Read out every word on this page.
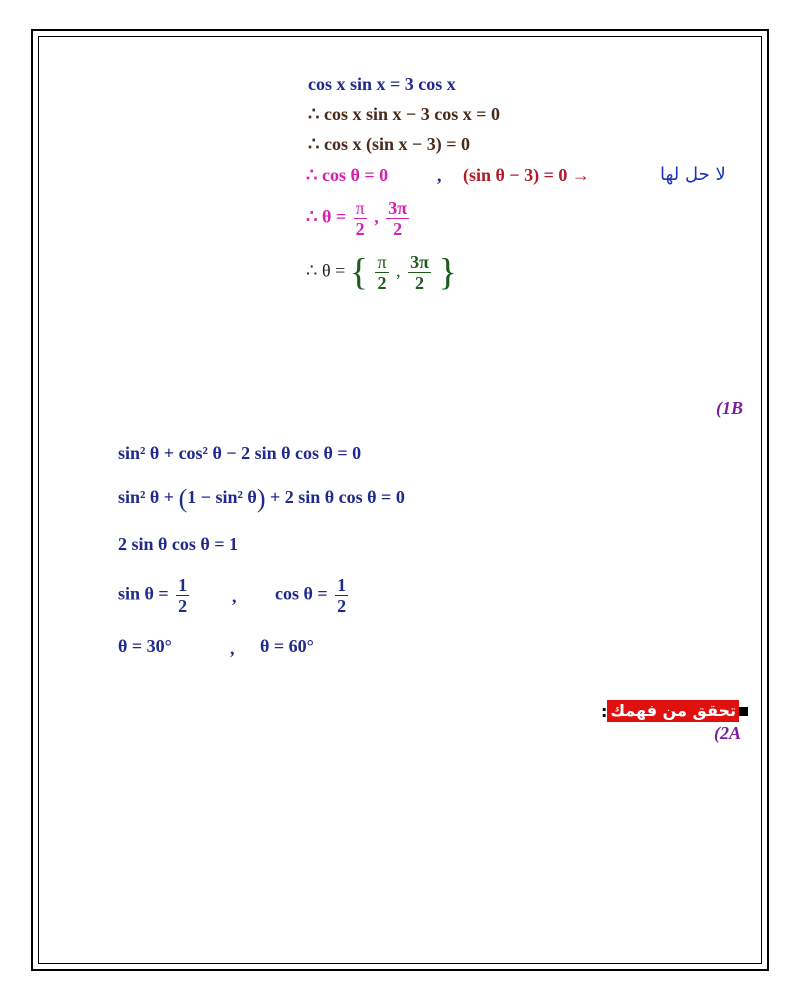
cos x sin x = 3 cos x
∴ cos x sin x − 3 cos x = 0
∴ cos x (sin x − 3) = 0
∴ cos θ = 0	, (sin θ − 3) = 0 →	لا حل لها
∴ $\theta = \frac{\pi}{2}$ , $\frac{3\pi}{2}$
∴ θ = { $\frac{\pi}{2}$ , $\frac{3\pi}{2}$ }
(1B
sin² θ + cos² θ − 2 sin θ cos θ = 0
sin² θ + (1 − sin² θ) + 2 sin θ cos θ = 0
2 sin θ cos θ = 1
$\sin \theta = \frac{1}{2}$ , $\cos \theta = \frac{1}{2}$
θ = 30°	, θ = 60°
: تحقق من فهمك
(2A
